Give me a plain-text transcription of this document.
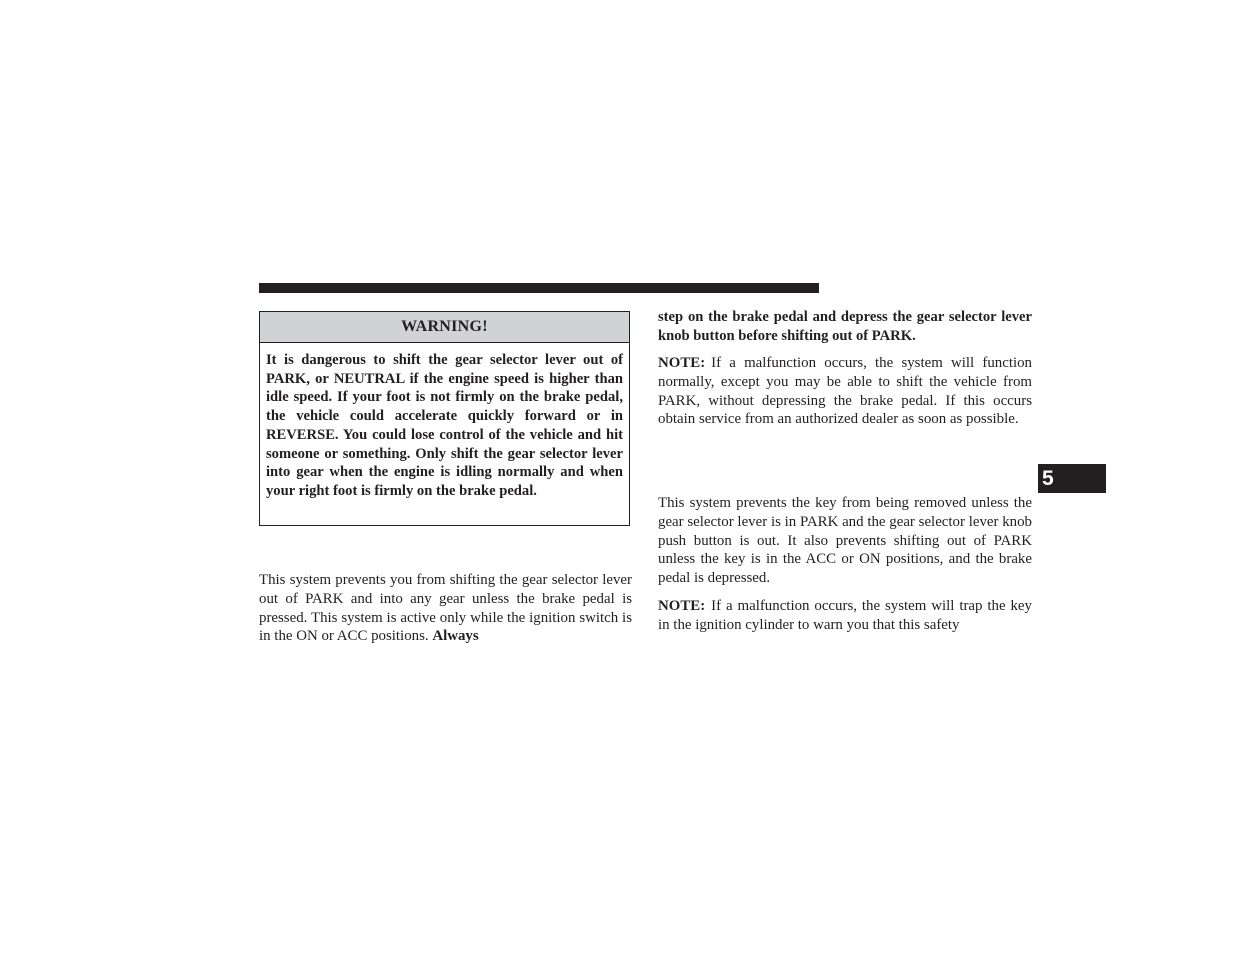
WARNING!

It is dangerous to shift the gear selector lever out of PARK, or NEUTRAL if the engine speed is higher than idle speed. If your foot is not firmly on the brake pedal, the vehicle could accelerate quickly forward or in REVERSE. You could lose control of the vehicle and hit someone or something. Only shift the gear selector lever into gear when the engine is idling normally and when your right foot is firmly on the brake pedal.

This system prevents you from shifting the gear selector lever out of PARK and into any gear unless the brake pedal is pressed. This system is active only while the ignition switch is in the ON or ACC positions. Always

step on the brake pedal and depress the gear selector lever knob button before shifting out of PARK.

NOTE: If a malfunction occurs, the system will function normally, except you may be able to shift the vehicle from PARK, without depressing the brake pedal. If this occurs obtain service from an authorized dealer as soon as possible.

This system prevents the key from being removed unless the gear selector lever is in PARK and the gear selector lever knob push button is out. It also prevents shifting out of PARK unless the key is in the ACC or ON positions, and the brake pedal is depressed.

NOTE: If a malfunction occurs, the system will trap the key in the ignition cylinder to warn you that this safety

5
